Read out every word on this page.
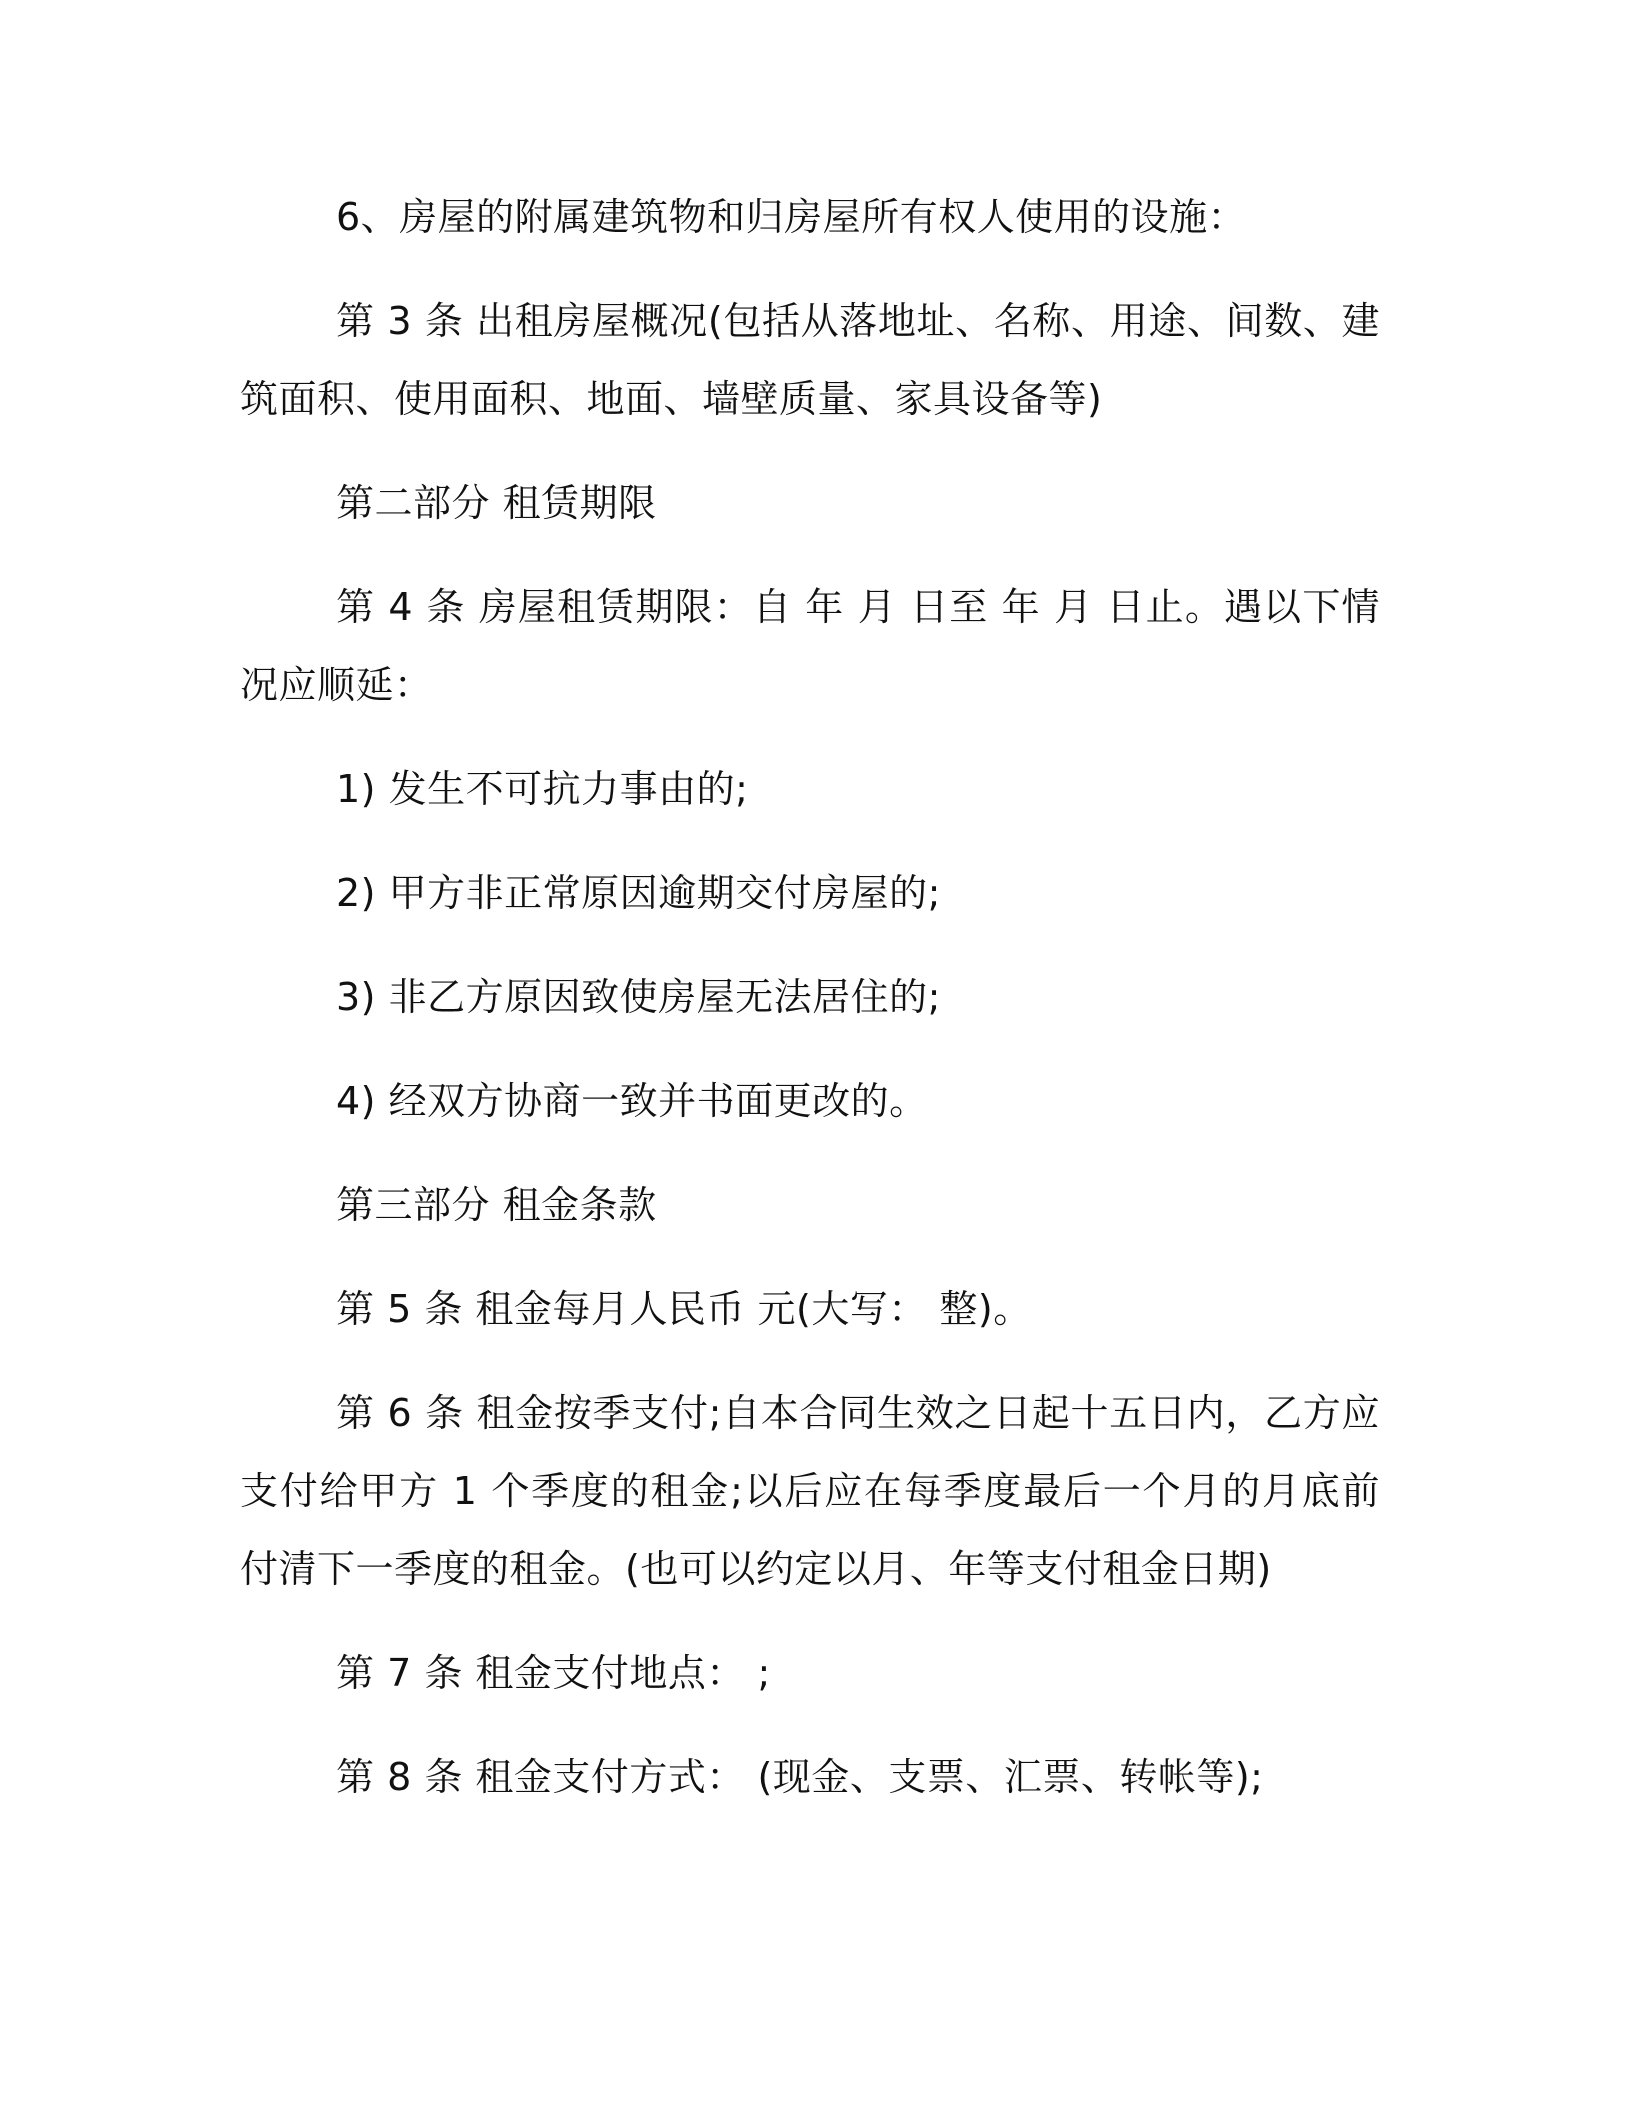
6、房屋的附属建筑物和归房屋所有权人使用的设施：

第 3 条 出租房屋概况(包括从落地址、名称、用途、间数、建筑面积、使用面积、地面、墙壁质量、家具设备等)

第二部分 租赁期限

第 4 条 房屋租赁期限：自 年 月 日至 年 月 日止。遇以下情况应顺延：

1) 发生不可抗力事由的;

2) 甲方非正常原因逾期交付房屋的;

3) 非乙方原因致使房屋无法居住的;

4) 经双方协商一致并书面更改的。

第三部分 租金条款

第 5 条 租金每月人民币 元(大写： 整)。

第 6 条 租金按季支付;自本合同生效之日起十五日内，乙方应支付给甲方 1 个季度的租金;以后应在每季度最后一个月的月底前付清下一季度的租金。(也可以约定以月、年等支付租金日期)

第 7 条 租金支付地点： ;

第 8 条 租金支付方式： (现金、支票、汇票、转帐等);
